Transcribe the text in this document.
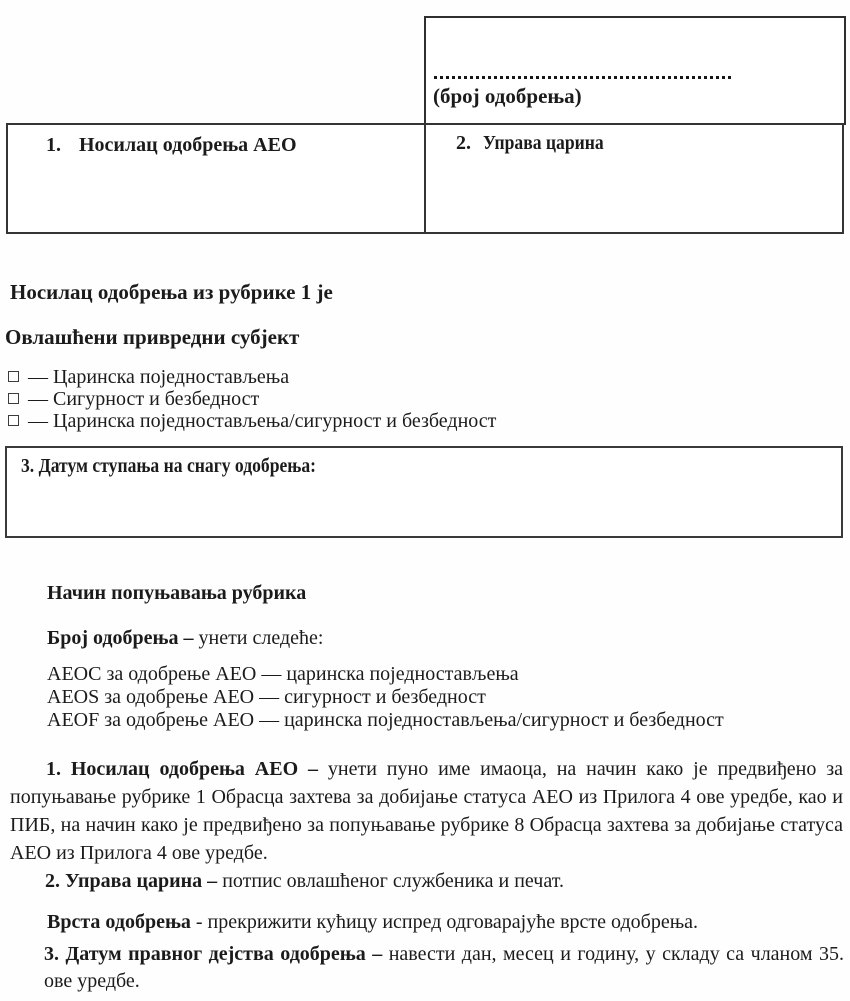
(број одобрења)
1. Носилац одобрења АЕО	2. Управа царина
Носилац одобрења из рубрике 1 је
Овлашћени привредни субјект
— Царинска поједностављења
— Сигурност и безбедност
— Царинска поједностављења/сигурност и безбедност
3. Датум ступања на снагу одобрења:
Начин попуњавања рубрика
Број одобрења – унети следеће:
AEOC за одобрење АЕО — царинска поједностављења
AEOS за одобрење АЕО — сигурност и безбедност
AEOF за одобрење АЕО — царинска поједностављења/сигурност и безбедност
1. Носилац одобрења АЕО – унети пуно име имаоца, на начин како је предвиђено за попуњавање рубрике 1 Обрасца захтева за добијање статуса АЕО из Прилога 4 ове уредбе, као и ПИБ, на начин како је предвиђено за попуњавање рубрике 8 Обрасца захтева за добијање статуса АЕО из Прилога 4 ове уредбе.
2. Управа царина – потпис овлашћеног службеника и печат.
Врста одобрења - прекрижити кућицу испред одговарајуће врсте одобрења.
3. Датум правног дејства одобрења – навести дан, месец и годину, у складу са чланом 35. ове уредбе.
